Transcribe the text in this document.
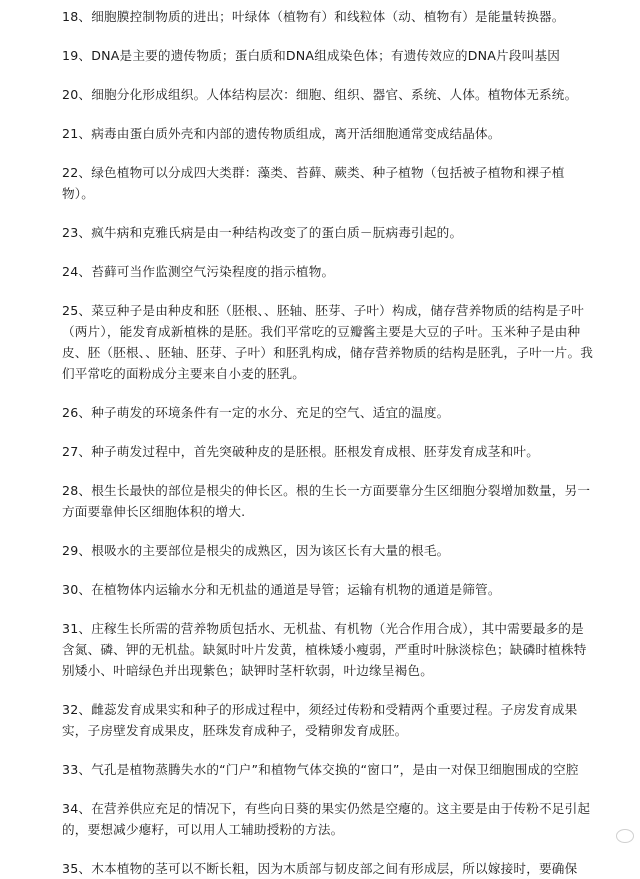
18、细胞膜控制物质的进出；叶绿体（植物有）和线粒体（动、植物有）是能量转换器。
19、DNA是主要的遗传物质；蛋白质和DNA组成染色体；有遗传效应的DNA片段叫基因
20、细胞分化形成组织。人体结构层次：细胞、组织、器官、系统、人体。植物体无系统。
21、病毒由蛋白质外壳和内部的遗传物质组成，离开活细胞通常变成结晶体。
22、绿色植物可以分成四大类群：藻类、苔藓、蕨类、种子植物（包括被子植物和裸子植物）。
23、疯牛病和克雅氏病是由一种结构改变了的蛋白质－朊病毒引起的。
24、苔藓可当作监测空气污染程度的指示植物。
25、菜豆种子是由种皮和胚（胚根、、胚轴、胚芽、子叶）构成，储存营养物质的结构是子叶（两片），能发育成新植株的是胚。我们平常吃的豆瓣酱主要是大豆的子叶。玉米种子是由种皮、胚（胚根、、胚轴、胚芽、子叶）和胚乳构成，储存营养物质的结构是胚乳，子叶一片。我们平常吃的面粉成分主要来自小麦的胚乳。
26、种子萌发的环境条件有一定的水分、充足的空气、适宜的温度。
27、种子萌发过程中，首先突破种皮的是胚根。胚根发育成根、胚芽发育成茎和叶。
28、根生长最快的部位是根尖的伸长区。根的生长一方面要靠分生区细胞分裂增加数量，另一方面要靠伸长区细胞体积的增大.
29、根吸水的主要部位是根尖的成熟区，因为该区长有大量的根毛。
30、在植物体内运输水分和无机盐的通道是导管；运输有机物的通道是筛管。
31、庄稼生长所需的营养物质包括水、无机盐、有机物（光合作用合成），其中需要最多的是含氮、磷、钾的无机盐。缺氮时叶片发黄，植株矮小瘦弱，严重时叶脉淡棕色；缺磷时植株特别矮小、叶暗绿色并出现紫色；缺钾时茎杆软弱，叶边缘呈褐色。
32、雌蕊发育成果实和种子的形成过程中，须经过传粉和受精两个重要过程。子房发育成果实，子房壁发育成果皮，胚珠发育成种子，受精卵发育成胚。
33、气孔是植物蒸腾失水的“门户”和植物气体交换的“窗口”，是由一对保卫细胞围成的空腔
34、在营养供应充足的情况下，有些向日葵的果实仍然是空瘪的。这主要是由于传粉不足引起的，要想减少瘪籽，可以用人工辅助授粉的方法。
35、木本植物的茎可以不断长粗，因为木质部与韧皮部之间有形成层，所以嫁接时，要确保
